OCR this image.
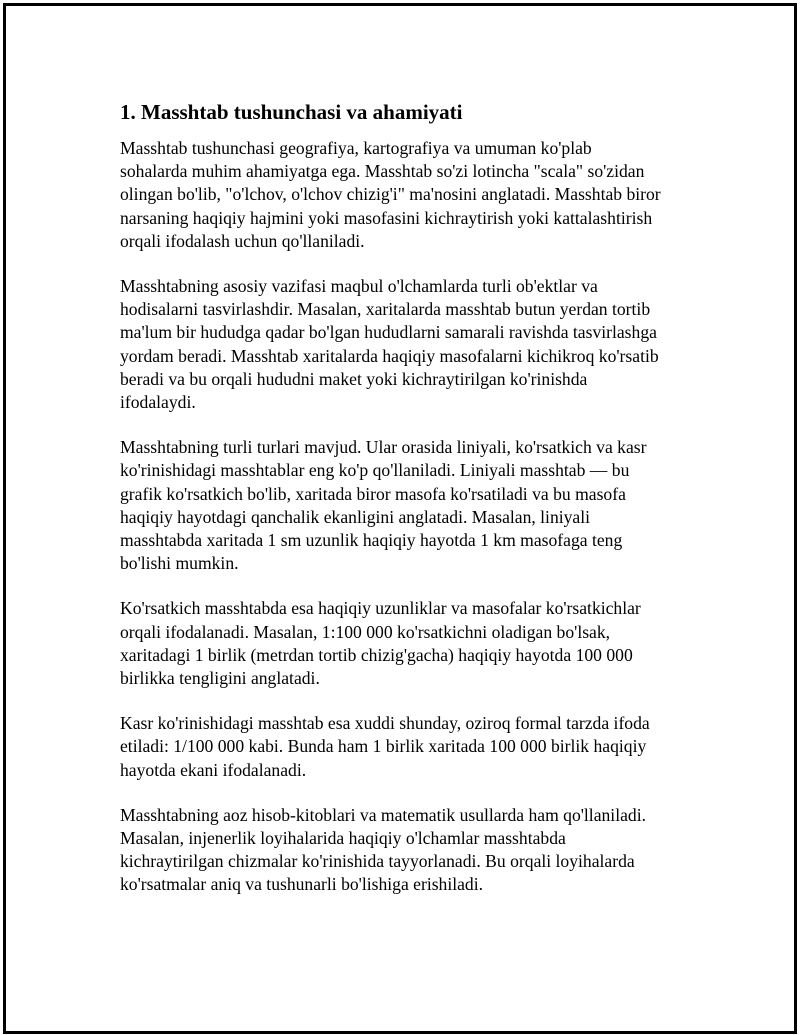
1. Masshtab tushunchasi va ahamiyati
Masshtab tushunchasi geografiya, kartografiya va umuman ko'plab
sohalarda muhim ahamiyatga ega. Masshtab so'zi lotincha "scala" so'zidan
olingan bo'lib, "o'lchov, o'lchov chizig'i" ma'nosini anglatadi. Masshtab biror
narsaning haqiqiy hajmini yoki masofasini kichraytirish yoki kattalashtirish
orqali ifodalash uchun qo'llaniladi.
Masshtabning asosiy vazifasi maqbul o'lchamlarda turli ob'ektlar va
hodisalarni tasvirlashdir. Masalan, xaritalarda masshtab butun yerdan tortib
ma'lum bir hududga qadar bo'lgan hududlarni samarali ravishda tasvirlashga
yordam beradi. Masshtab xaritalarda haqiqiy masofalarni kichikroq ko'rsatib
beradi va bu orqali hududni maket yoki kichraytirilgan ko'rinishda
ifodalaydi.
Masshtabning turli turlari mavjud. Ular orasida liniyali, ko'rsatkich va kasr
ko'rinishidagi masshtablar eng ko'p qo'llaniladi. Liniyali masshtab — bu
grafik ko'rsatkich bo'lib, xaritada biror masofa ko'rsatiladi va bu masofa
haqiqiy hayotdagi qanchalik ekanligini anglatadi. Masalan, liniyali
masshtabda xaritada 1 sm uzunlik haqiqiy hayotda 1 km masofaga teng
bo'lishi mumkin.
Ko'rsatkich masshtabda esa haqiqiy uzunliklar va masofalar ko'rsatkichlar
orqali ifodalanadi. Masalan, 1:100 000 ko'rsatkichni oladigan bo'lsak,
xaritadagi 1 birlik (metrdan tortib chizig'gacha) haqiqiy hayotda 100 000
birlikka tengligini anglatadi.
Kasr ko'rinishidagi masshtab esa xuddi shunday, oziroq formal tarzda ifoda
etiladi: 1/100 000 kabi. Bunda ham 1 birlik xaritada 100 000 birlik haqiqiy
hayotda ekani ifodalanadi.
Masshtabning aoz hisob-kitoblari va matematik usullarda ham qo'llaniladi.
Masalan, injenerlik loyihalarida haqiqiy o'lchamlar masshtabda
kichraytirilgan chizmalar ko'rinishida tayyorlanadi. Bu orqali loyihalarda
ko'rsatmalar aniq va tushunarli bo'lishiga erishiladi.
